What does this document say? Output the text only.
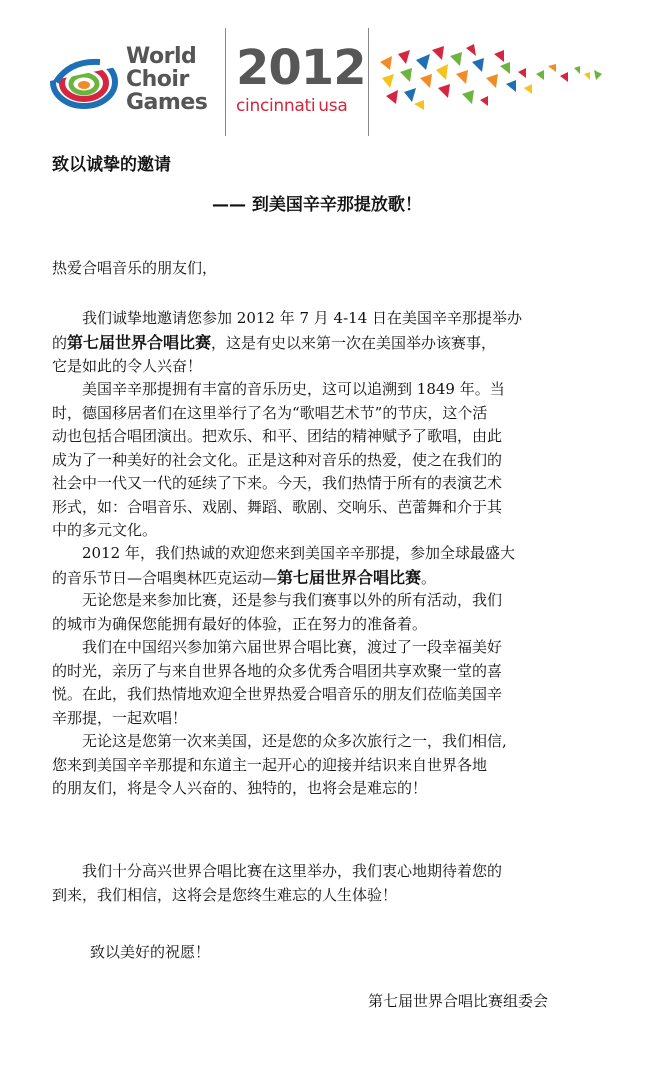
World
Choir
Games
2012
cincinnati usa
致以诚挚的邀请
—— 到美国辛辛那提放歌！
热爱合唱音乐的朋友们，
我们诚挚地邀请您参加 2012 年 7 月 4-14 日在美国辛辛那提举办
的第七届世界合唱比赛，这是有史以来第一次在美国举办该赛事，
它是如此的令人兴奋！
美国辛辛那提拥有丰富的音乐历史，这可以追溯到 1849 年。当
时，德国移居者们在这里举行了名为“歌唱艺术节”的节庆，这个活
动也包括合唱团演出。把欢乐、和平、团结的精神赋予了歌唱，由此
成为了一种美好的社会文化。正是这种对音乐的热爱，使之在我们的
社会中一代又一代的延续了下来。今天，我们热情于所有的表演艺术
形式，如：合唱音乐、戏剧、舞蹈、歌剧、交响乐、芭蕾舞和介于其
中的多元文化。
2012 年，我们热诚的欢迎您来到美国辛辛那提，参加全球最盛大
的音乐节日—合唱奥林匹克运动—第七届世界合唱比赛。
无论您是来参加比赛，还是参与我们赛事以外的所有活动，我们
的城市为确保您能拥有最好的体验，正在努力的准备着。
我们在中国绍兴参加第六届世界合唱比赛，渡过了一段幸福美好
的时光，亲历了与来自世界各地的众多优秀合唱团共享欢聚一堂的喜
悦。在此，我们热情地欢迎全世界热爱合唱音乐的朋友们莅临美国辛
辛那提，一起欢唱！
无论这是您第一次来美国，还是您的众多次旅行之一，我们相信,
您来到美国辛辛那提和东道主一起开心的迎接并结识来自世界各地
的朋友们，将是令人兴奋的、独特的，也将会是难忘的！
我们十分高兴世界合唱比赛在这里举办，我们衷心地期待着您的
到来，我们相信，这将会是您终生难忘的人生体验！
致以美好的祝愿！
第七届世界合唱比赛组委会
